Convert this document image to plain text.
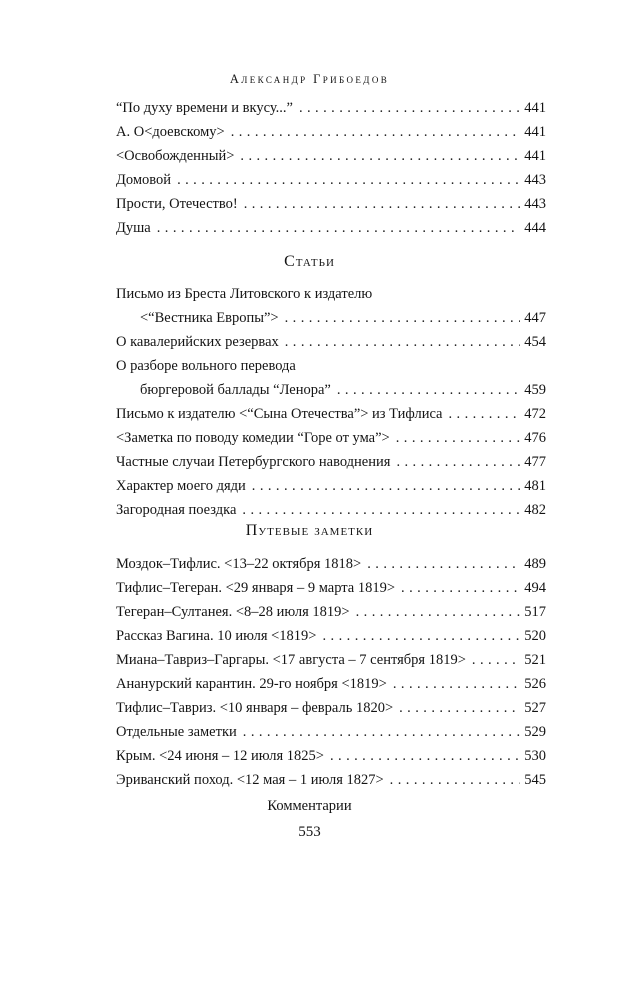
Александр Грибоедов
“По духу времени и вкусу...” . . .	441
А. О<доевскому> . . .	441
<Освобожденный> . . .	441
Домовой . . .	443
Прости, Отечество! . . .	443
Душа . . .	444
Статьи
Письмо из Бреста Литовского к издателю
<“Вестника Европы”> . . .	447
О кавалерийских резервах . . .	454
О разборе вольного перевода
бюргеровой баллады “Ленора” . . .	459
Письмо к издателю <“Сына Отечества”> из Тифлиса . . .	472
<Заметка по поводу комедии “Горе от ума”> . . .	476
Частные случаи Петербургского наводнения . . .	477
Характер моего дяди . . .	481
Загородная поездка . . .	482
Путевые заметки
Моздок–Тифлис. <13–22 октября 1818> . . .	489
Тифлис–Тегеран. <29 января – 9 марта 1819> . . .	494
Тегеран–Султанея. <8–28 июля 1819> . . .	517
Рассказ Вагина. 10 июля <1819> . . .	520
Миана–Тавриз–Гаргары. <17 августа – 7 сентября 1819> . . .	521
Ананурский карантин. 29-го ноября <1819> . . .	526
Тифлис–Тавриз. <10 января – февраль 1820> . . .	527
Отдельные заметки . . .	529
Крым. <24 июня – 12 июля 1825> . . .	530
Эриванский поход. <12 мая – 1 июля 1827> . . .	545
Комментарии
553
